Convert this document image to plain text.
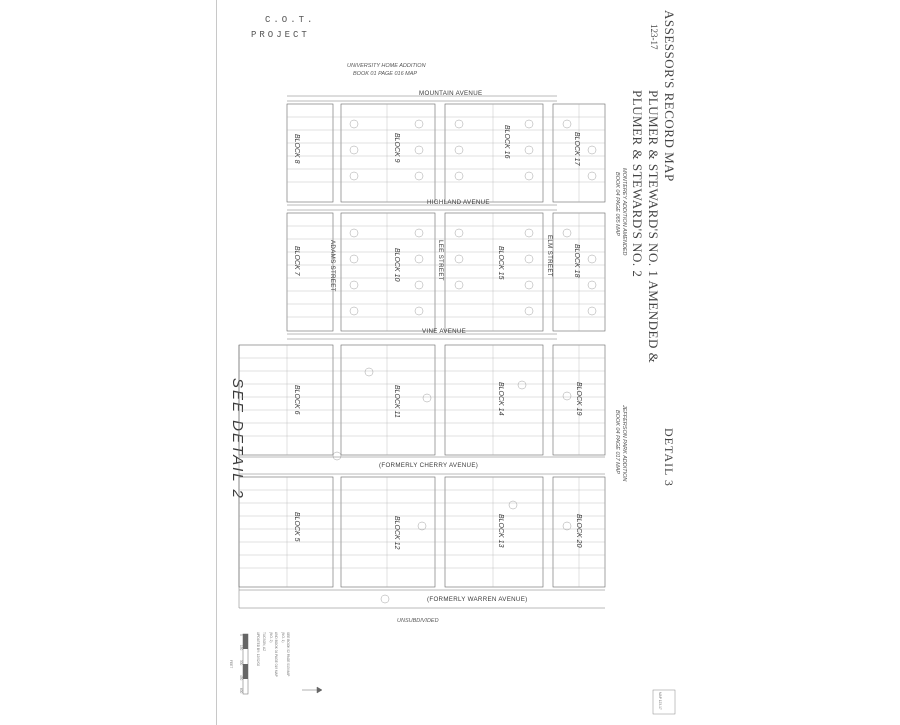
C.O.T.
PROJECT	ASSESSOR'S RECORD MAP
PLUMER & STEWARD'S NO. 1 AMENDED &
PLUMER & STEWARD'S NO. 2
123-17
DETAIL 3
MONTEREY ADDITION AMENDED
BOOK 04 PAGE 065 MAP
JEFFERSON PARK ADDITION
BOOK 04 PAGE 017 MAP
UNIVERSITY HOME ADDITION
BOOK 01 PAGE 016 MAP
SEE DETAIL 2
MOUNTAIN AVENUE
HIGHLAND AVENUE
VINE AVENUE
(FORMERLY CHERRY AVENUE)
(FORMERLY WARREN AVENUE)
ADAMS STREET	LEE STREET	ELM STREET
BLOCK 8	BLOCK 9	BLOCK 16	BLOCK 17
BLOCK 7	BLOCK 10	BLOCK 15	BLOCK 18
BLOCK 6	BLOCK 11	BLOCK 14	BLOCK 19
BLOCK 5	BLOCK 12	BLOCK 13	BLOCK 20
UNSUBDIVIDED
SEE BOOK 02 PAGE 013 MAP
(NO. 1)
AND BOOK 04 PAGE 019 MAP
(NO. 2)
TUCSON, AZ
UPDATED BY: 12/02/02
0
150
300
450
600
FEET
MAP 123-17
